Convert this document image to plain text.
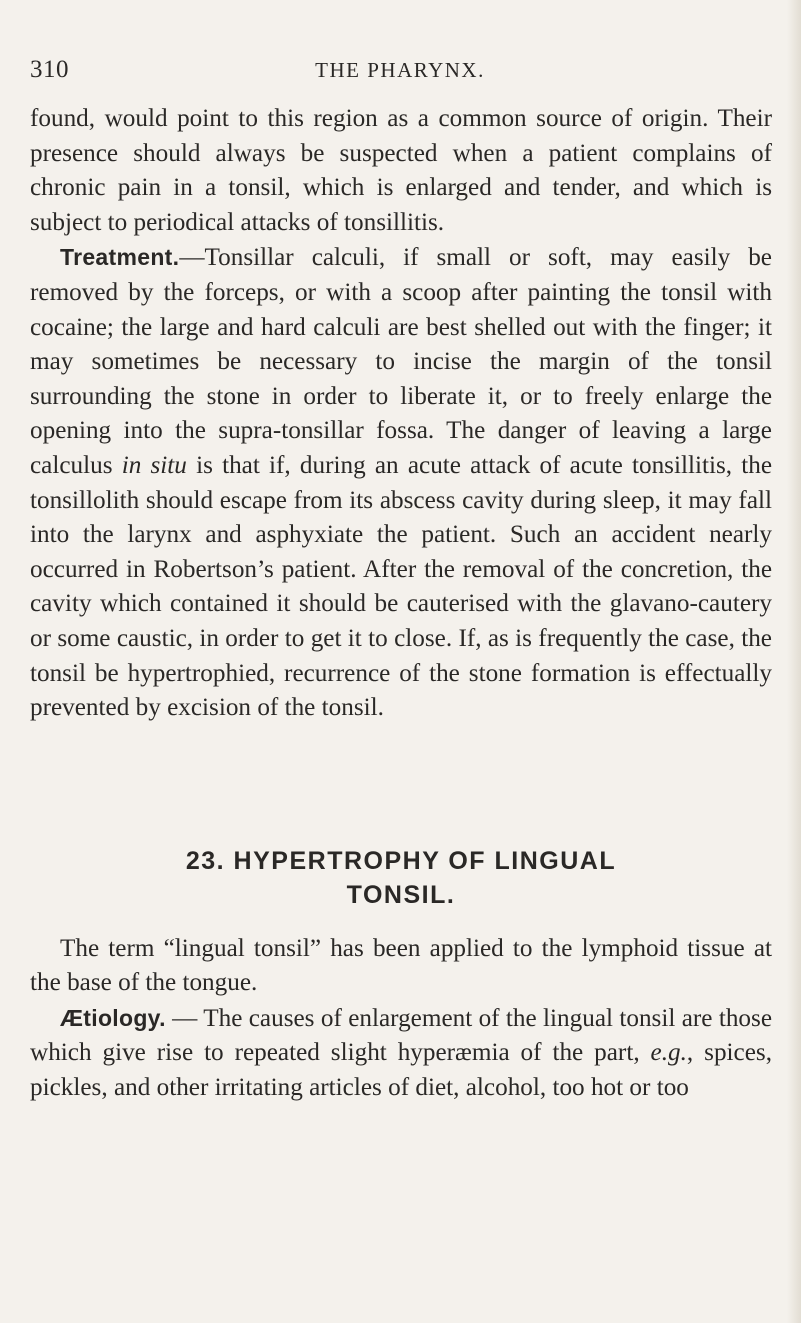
310	THE PHARYNX.

found, would point to this region as a common source of origin. Their presence should always be suspected when a patient complains of chronic pain in a tonsil, which is enlarged and tender, and which is subject to periodical attacks of tonsillitis.

Treatment.—Tonsillar calculi, if small or soft, may easily be removed by the forceps, or with a scoop after painting the tonsil with cocaine; the large and hard calculi are best shelled out with the finger; it may sometimes be necessary to incise the margin of the tonsil surrounding the stone in order to liberate it, or to freely enlarge the opening into the supra-tonsillar fossa. The danger of leaving a large calculus in situ is that if, during an acute attack of acute tonsillitis, the tonsillolith should escape from its abscess cavity during sleep, it may fall into the larynx and asphyxiate the patient. Such an accident nearly occurred in Robertson’s patient. After the removal of the concretion, the cavity which contained it should be cauterised with the glavano-cautery or some caustic, in order to get it to close. If, as is frequently the case, the tonsil be hypertrophied, recurrence of the stone formation is effectually prevented by excision of the tonsil.

23. HYPERTROPHY OF LINGUAL
TONSIL.

The term “lingual tonsil” has been applied to the lymphoid tissue at the base of the tongue.

Ætiology. — The causes of enlargement of the lingual tonsil are those which give rise to repeated slight hyperæmia of the part, e.g., spices, pickles, and other irritating articles of diet, alcohol, too hot or too
